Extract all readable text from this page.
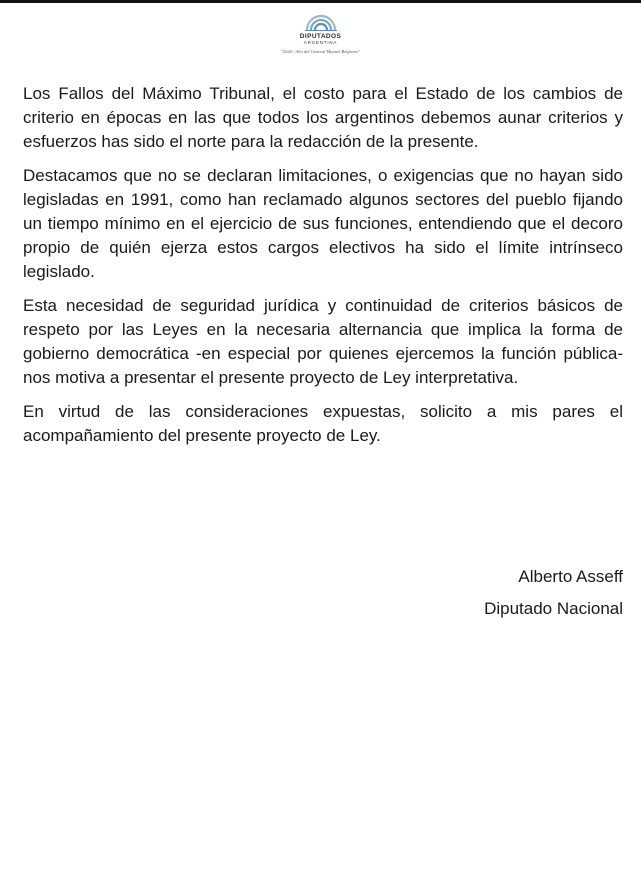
DIPUTADOS
ARGENTINA
"2020 - Año del General Manuel Belgrano"

Los Fallos del Máximo Tribunal, el costo para el Estado de los cambios de criterio en épocas en las que todos los argentinos debemos aunar criterios y esfuerzos has sido el norte para la redacción de la presente.

Destacamos que no se declaran limitaciones, o exigencias que no hayan sido legisladas en 1991, como han reclamado algunos sectores del pueblo fijando un tiempo mínimo en el ejercicio de sus funciones, entendiendo que el decoro propio de quién ejerza estos cargos electivos ha sido el límite intrínseco legislado.

Esta necesidad de seguridad jurídica y continuidad de criterios básicos de respeto por las Leyes en la necesaria alternancia que implica la forma de gobierno democrática -en especial por quienes ejercemos la función pública- nos motiva a presentar el presente proyecto de Ley interpretativa.

En virtud de las consideraciones expuestas, solicito a mis pares el acompañamiento del presente proyecto de Ley.

Alberto Asseff
Diputado Nacional
